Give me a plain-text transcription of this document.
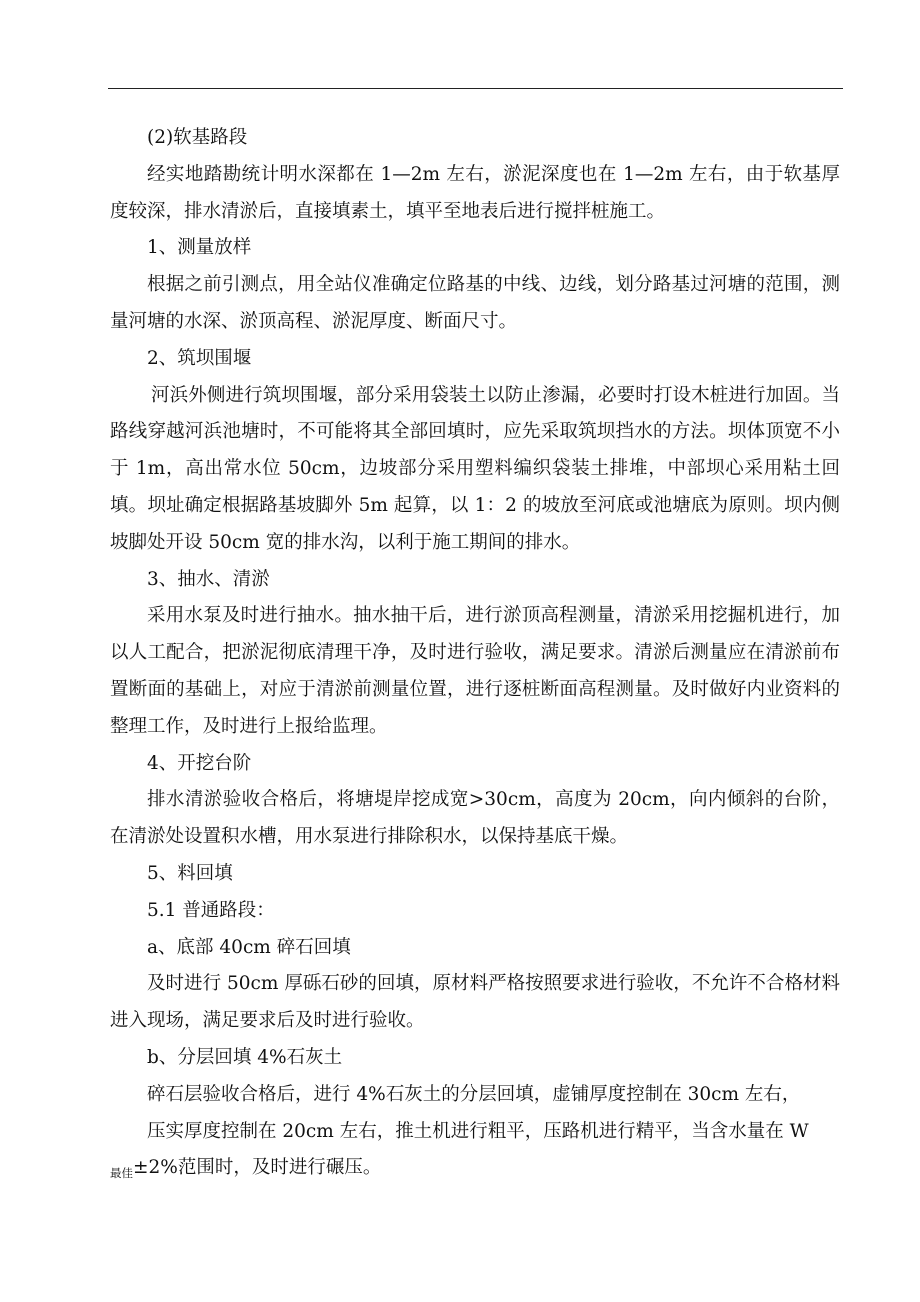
(2)软基路段

经实地踏勘统计明水深都在 1—2m 左右，淤泥深度也在 1—2m 左右，由于软基厚度较深，排水清淤后，直接填素土，填平至地表后进行搅拌桩施工。

1、测量放样

根据之前引测点，用全站仪准确定位路基的中线、边线，划分路基过河塘的范围，测量河塘的水深、淤顶高程、淤泥厚度、断面尺寸。

2、筑坝围堰

河浜外侧进行筑坝围堰，部分采用袋装土以防止渗漏，必要时打设木桩进行加固。当路线穿越河浜池塘时，不可能将其全部回填时，应先采取筑坝挡水的方法。坝体顶宽不小于 1m，高出常水位 50cm，边坡部分采用塑料编织袋装土排堆，中部坝心采用粘土回填。坝址确定根据路基坡脚外 5m 起算，以 1：2 的坡放至河底或池塘底为原则。坝内侧坡脚处开设 50cm 宽的排水沟，以利于施工期间的排水。

3、抽水、清淤

采用水泵及时进行抽水。抽水抽干后，进行淤顶高程测量，清淤采用挖掘机进行，加以人工配合，把淤泥彻底清理干净，及时进行验收，满足要求。清淤后测量应在清淤前布置断面的基础上，对应于清淤前测量位置，进行逐桩断面高程测量。及时做好内业资料的整理工作，及时进行上报给监理。

4、开挖台阶

排水清淤验收合格后，将塘堤岸挖成宽>30cm，高度为 20cm，向内倾斜的台阶，在清淤处设置积水槽，用水泵进行排除积水，以保持基底干燥。

5、料回填

5.1 普通路段：

a、底部 40cm 碎石回填

及时进行 50cm 厚砾石砂的回填，原材料严格按照要求进行验收，不允许不合格材料进入现场，满足要求后及时进行验收。

b、分层回填 4%石灰土

碎石层验收合格后，进行 4%石灰土的分层回填，虚铺厚度控制在 30cm 左右，

压实厚度控制在 20cm 左右，推土机进行粗平，压路机进行精平，当含水量在 W

$_{最佳}$±2%范围时，及时进行碾压。
